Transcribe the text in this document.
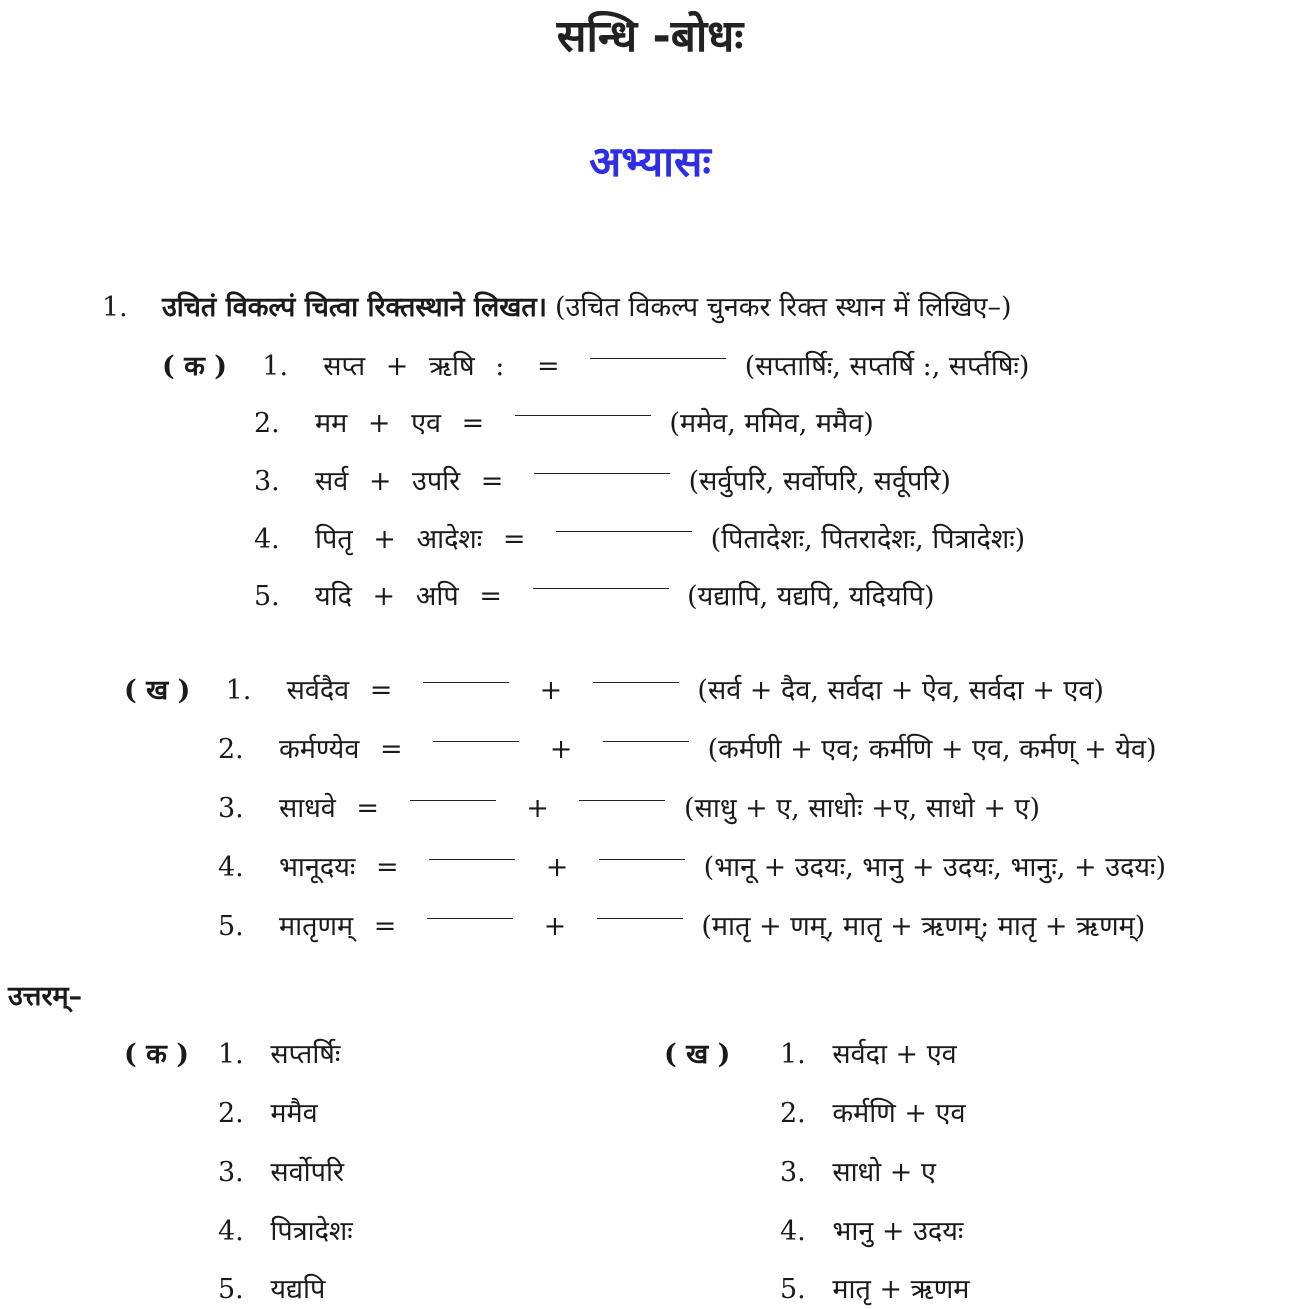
सन्धि -बोधः
अभ्यासः
1. उचितं विकल्पं चित्वा रिक्तस्थाने लिखत। (उचित विकल्प चुनकर रिक्त स्थान में लिखिए–)
( क ) 1. सप्त + ऋषि : =	(सप्तार्षिः, सप्तर्षि :, सर्प्तषिः)
2. मम + एव =	(ममेव, ममिव, ममैव)
3. सर्व + उपरि =	(सर्वुपरि, सर्वोपरि, सर्वूपरि)
4. पितृ + आदेशः =	(पितादेशः, पितरादेशः, पित्रादेशः)
5. यदि + अपि =	(यद्यापि, यद्यपि, यदियपि)
( ख ) 1. सर्वदैव =	+	(सर्व + दैव, सर्वदा + ऐव, सर्वदा + एव)
2. कर्मण्येव =	+	(कर्मणी + एव; कर्मणि + एव, कर्मण् + येव)
3. साधवे =	+	(साधु + ए, साधोः +ए, साधो + ए)
4. भानूदयः =	+	(भानू + उदयः, भानु + उदयः, भानुः, + उदयः)
5. मातृणम् =	+	(मातृ + णम्, मातृ + ऋणम्; मातृ + ऋणम्)
उत्तरम्–
( क )	( ख )
1. सप्तर्षिः
2. ममैव
3. सर्वोपरि
4. पित्रादेशः
5. यद्यपि
1. सर्वदा + एव
2. कर्मणि + एव
3. साधो + ए
4. भानु + उदयः
5. मातृ + ऋणम
